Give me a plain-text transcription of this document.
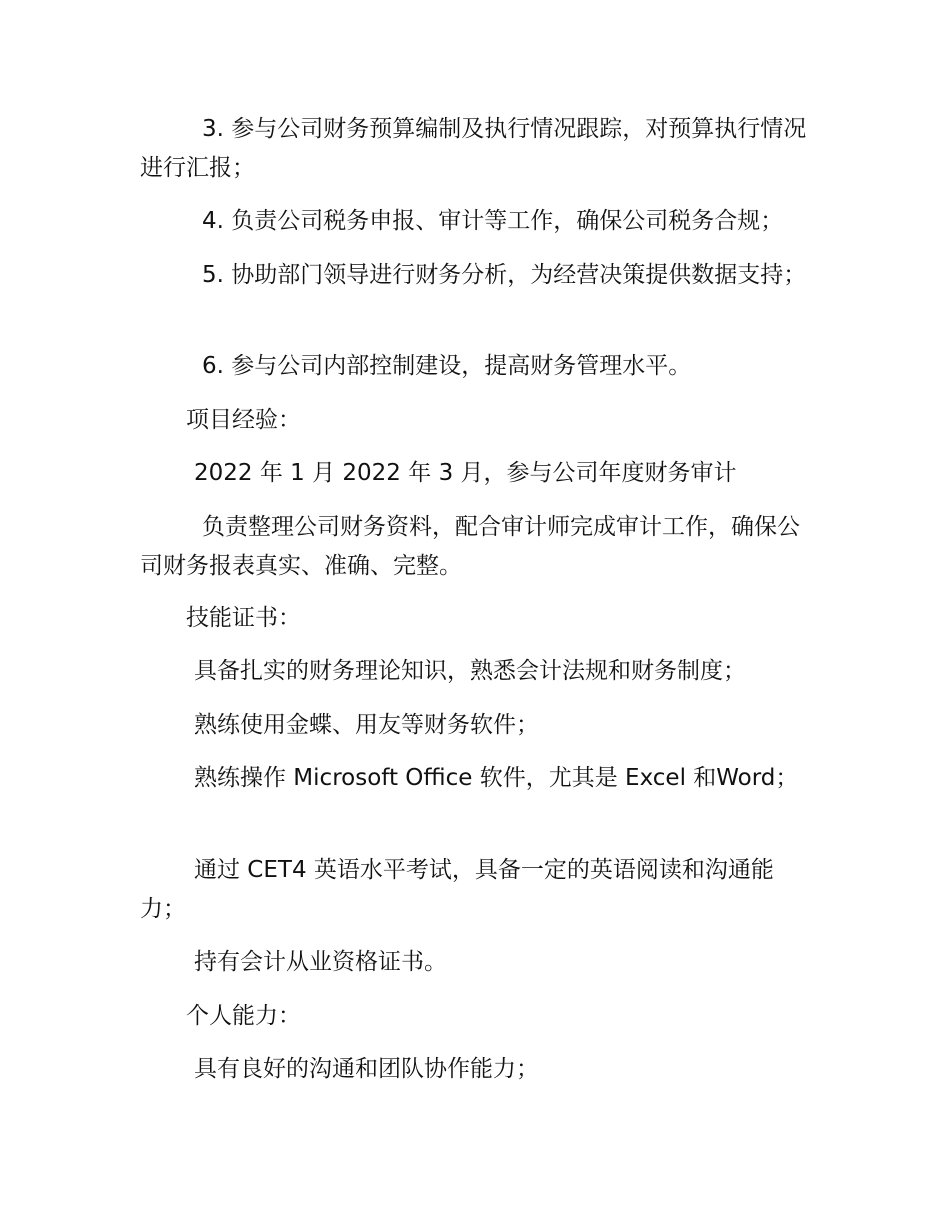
3. 参与公司财务预算编制及执行情况跟踪，对预算执行情况进行汇报；

4. 负责公司税务申报、审计等工作，确保公司税务合规；

5. 协助部门领导进行财务分析，为经营决策提供数据支持；

6. 参与公司内部控制建设，提高财务管理水平。

项目经验：

2022 年 1 月 2022 年 3 月，参与公司年度财务审计

负责整理公司财务资料，配合审计师完成审计工作，确保公司财务报表真实、准确、完整。

技能证书：

具备扎实的财务理论知识，熟悉会计法规和财务制度；

熟练使用金蝶、用友等财务软件；

熟练操作 Microsoft Office 软件，尤其是 Excel 和Word；

通过 CET4 英语水平考试，具备一定的英语阅读和沟通能力；

持有会计从业资格证书。

个人能力：

具有良好的沟通和团队协作能力；
